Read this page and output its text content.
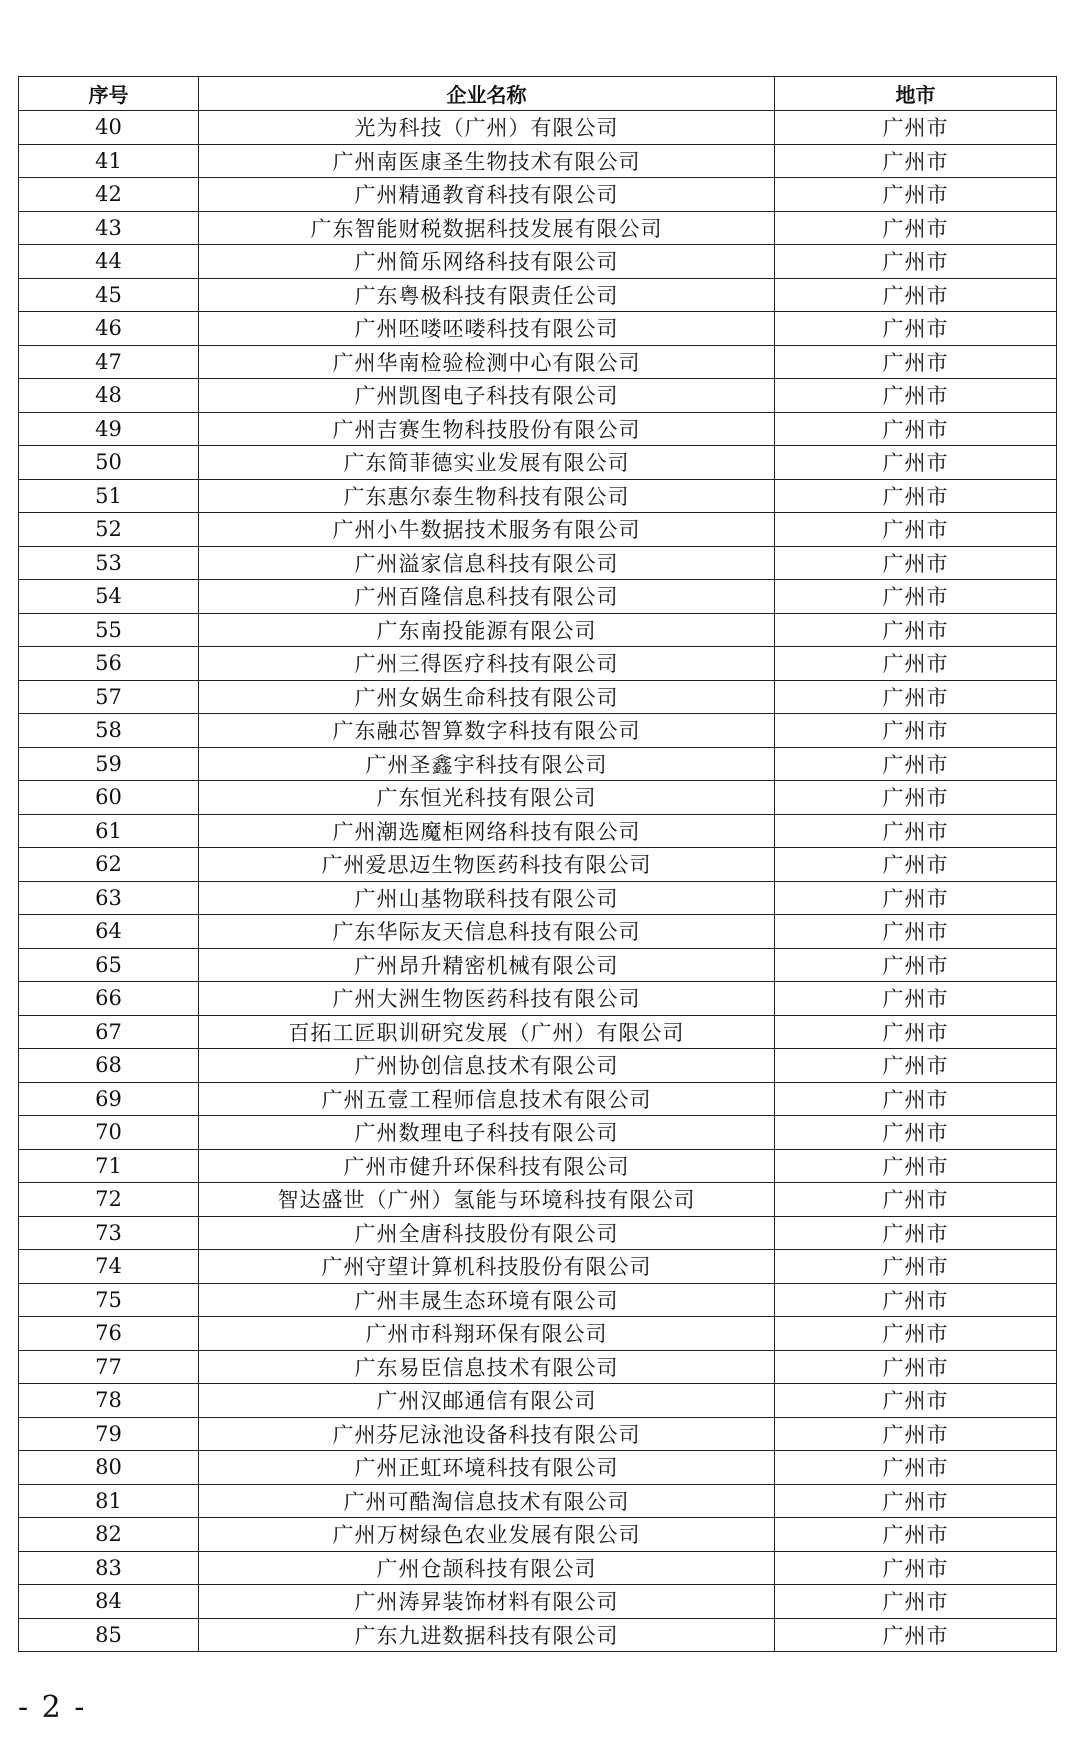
序号	企业名称	地市
40	光为科技（广州）有限公司	广州市
41	广州南医康圣生物技术有限公司	广州市
42	广州精通教育科技有限公司	广州市
43	广东智能财税数据科技发展有限公司	广州市
44	广州简乐网络科技有限公司	广州市
45	广东粤极科技有限责任公司	广州市
46	广州呸喽呸喽科技有限公司	广州市
47	广州华南检验检测中心有限公司	广州市
48	广州凯图电子科技有限公司	广州市
49	广州吉赛生物科技股份有限公司	广州市
50	广东简菲德实业发展有限公司	广州市
51	广东惠尔泰生物科技有限公司	广州市
52	广州小牛数据技术服务有限公司	广州市
53	广州溢家信息科技有限公司	广州市
54	广州百隆信息科技有限公司	广州市
55	广东南投能源有限公司	广州市
56	广州三得医疗科技有限公司	广州市
57	广州女娲生命科技有限公司	广州市
58	广东融芯智算数字科技有限公司	广州市
59	广州圣鑫宇科技有限公司	广州市
60	广东恒光科技有限公司	广州市
61	广州潮选魔柜网络科技有限公司	广州市
62	广州爱思迈生物医药科技有限公司	广州市
63	广州山基物联科技有限公司	广州市
64	广东华际友天信息科技有限公司	广州市
65	广州昂升精密机械有限公司	广州市
66	广州大洲生物医药科技有限公司	广州市
67	百拓工匠职训研究发展（广州）有限公司	广州市
68	广州协创信息技术有限公司	广州市
69	广州五壹工程师信息技术有限公司	广州市
70	广州数理电子科技有限公司	广州市
71	广州市健升环保科技有限公司	广州市
72	智达盛世（广州）氢能与环境科技有限公司	广州市
73	广州全唐科技股份有限公司	广州市
74	广州守望计算机科技股份有限公司	广州市
75	广州丰晟生态环境有限公司	广州市
76	广州市科翔环保有限公司	广州市
77	广东易臣信息技术有限公司	广州市
78	广州汉邮通信有限公司	广州市
79	广州芬尼泳池设备科技有限公司	广州市
80	广州正虹环境科技有限公司	广州市
81	广州可酷淘信息技术有限公司	广州市
82	广州万树绿色农业发展有限公司	广州市
83	广州仓颉科技有限公司	广州市
84	广州涛昇装饰材料有限公司	广州市
85	广东九进数据科技有限公司	广州市
- 2 -
